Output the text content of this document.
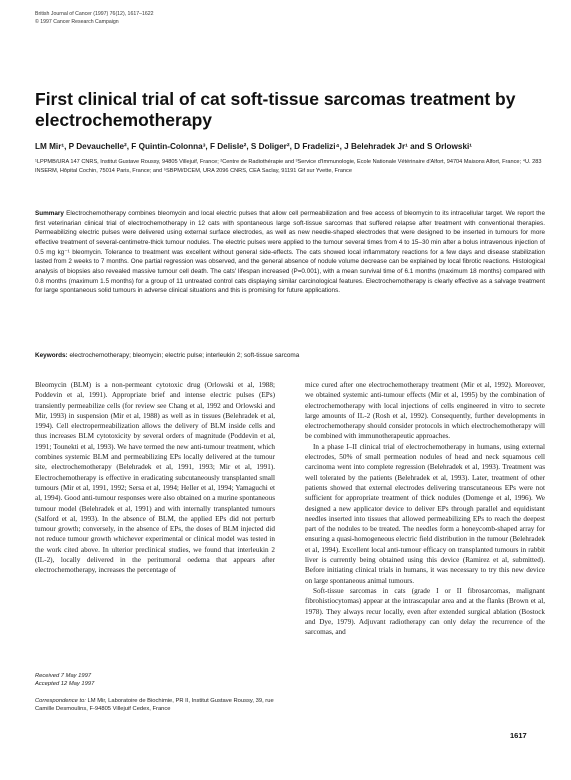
British Journal of Cancer (1997) 76(12), 1617–1622
© 1997 Cancer Research Campaign
First clinical trial of cat soft-tissue sarcomas treatment by electrochemotherapy
LM Mir¹, P Devauchelle², F Quintin-Colonna³, F Delisle², S Doliger², D Fradelizi⁴, J Belehradek Jr¹ and S Orlowski¹
¹LPPMB/URA 147 CNRS, Institut Gustave Roussy, 94805 Villejuif, France; ²Centre de Radiothérapie and ³Service d'Immunologie, Ecole Nationale Vétérinaire d'Alfort, 94704 Maisons Alfort, France; ⁴U. 283 INSERM, Hôpital Cochin, 75014 Paris, France; and ⁵SBPM/DCEM, URA 2096 CNRS, CEA Saclay, 91191 Gif sur Yvette, France
Summary Electrochemotherapy combines bleomycin and local electric pulses that allow cell permeabilization and free access of bleomycin to its intracellular target. We report the first veterinarian clinical trial of electrochemotherapy in 12 cats with spontaneous large soft-tissue sarcomas that suffered relapse after treatment with conventional therapies. Permeabilizing electric pulses were delivered using external surface electrodes, as well as new needle-shaped electrodes that were designed to be inserted in tumours for more effective treatment of several-centimetre-thick tumour nodules. The electric pulses were applied to the tumour several times from 4 to 15–30 min after a bolus intravenous injection of 0.5 mg kg⁻¹ bleomycin. Tolerance to treatment was excellent without general side-effects. The cats showed local inflammatory reactions for a few days and disease stabilization lasted from 2 weeks to 7 months. One partial regression was observed, and the general absence of nodule volume decrease can be explained by local fibrotic reactions. Histological analysis of biopsies also revealed massive tumour cell death. The cats' lifespan increased (P=0.001), with a mean survival time of 6.1 months (maximum 18 months) compared with 0.8 months (maximum 1.5 months) for a group of 11 untreated control cats displaying similar carcinological features. Electrochemotherapy is clearly effective as a salvage treatment for large spontaneous solid tumours in adverse clinical situations and this is promising for future applications.
Keywords: electrochemotherapy; bleomycin; electric pulse; interleukin 2; soft-tissue sarcoma

Bleomycin (BLM) is a non-permeant cytotoxic drug (Orlowski et al, 1988; Poddevin et al, 1991). Appropriate brief and intense electric pulses (EPs) transiently permeabilize cells (for review see Chang et al, 1992 and Orlowski and Mir, 1993) in suspension (Mir et al, 1988) as well as in tissues (Belehradek et al, 1994). Cell electropermeabilization allows the delivery of BLM inside cells and thus increases BLM cytotoxicity by several orders of magnitude (Poddevin et al, 1991; Tounekti et al, 1993). We have termed the new anti-tumour treatment, which combines systemic BLM and permeabilizing EPs locally delivered at the tumour site, electrochemotherapy (Belehradek et al, 1991, 1993; Mir et al, 1991). Electrochemotherapy is effective in eradicating subcutaneously transplanted small tumours (Mir et al, 1991, 1992; Sersa et al, 1994; Heller et al, 1994; Yamaguchi et al, 1994). Good anti-tumour responses were also obtained on a murine spontaneous tumour model (Belehradek et al, 1991) and with internally transplanted tumours (Salford et al, 1993). In the absence of BLM, the applied EPs did not perturb tumour growth; conversely, in the absence of EPs, the doses of BLM injected did not reduce tumour growth whichever experimental or clinical model was tested in the work cited above. In ulterior preclinical studies, we found that interleukin 2 (IL-2), locally delivered in the peritumoral oedema that appears after electrochemotherapy, increases the percentage of

mice cured after one electrochemotherapy treatment (Mir et al, 1992). Moreover, we obtained systemic anti-tumour effects (Mir et al, 1995) by the combination of electrochemotherapy with local injections of cells engineered in vitro to secrete large amounts of IL-2 (Rosh et al, 1992). Consequently, further developments in electrochemotherapy should consider protocols in which electrochemotherapy will be combined with immunotherapeutic approaches.

In a phase I–II clinical trial of electrochemotherapy in humans, using external electrodes, 50% of small permeation nodules of head and neck squamous cell carcinoma went into complete regression (Belehradek et al, 1993). Treatment was well tolerated by the patients (Belehradek et al, 1993). Later, treatment of other patients showed that external electrodes delivering transcutaneous EPs were not sufficient for appropriate treatment of thick nodules (Domenge et al, 1996). We designed a new applicator device to deliver EPs through parallel and equidistant needles inserted into tissues that allowed permeabilizing EPs to reach the deepest part of the nodules to be treated. The needles form a honeycomb-shaped array for ensuring a quasi-homogeneous electric field distribution in the tumour (Belehradek et al, 1994). Excellent local anti-tumour efficacy on transplanted tumours in rabbit liver is currently being obtained using this device (Ramirez et al, submitted). Before initiating clinical trials in humans, it was necessary to try this new device on large spontaneous animal tumours.

Soft-tissue sarcomas in cats (grade I or II fibrosarcomas, malignant fibrohistiocytomas) appear at the intrascapular area and at the flanks (Brown et al, 1978). They always recur locally, even after extended surgical ablation (Bostock and Dye, 1979). Adjuvant radiotherapy can only delay the recurrence of the sarcomas, and

Received 7 May 1997
Accepted 12 May 1997
Correspondence to: LM Mir, Laboratoire de Biochimie, PR II, Institut Gustave Roussy, 39, rue Camille Desmoulins, F-94805 Villejuif Cedex, France
1617
